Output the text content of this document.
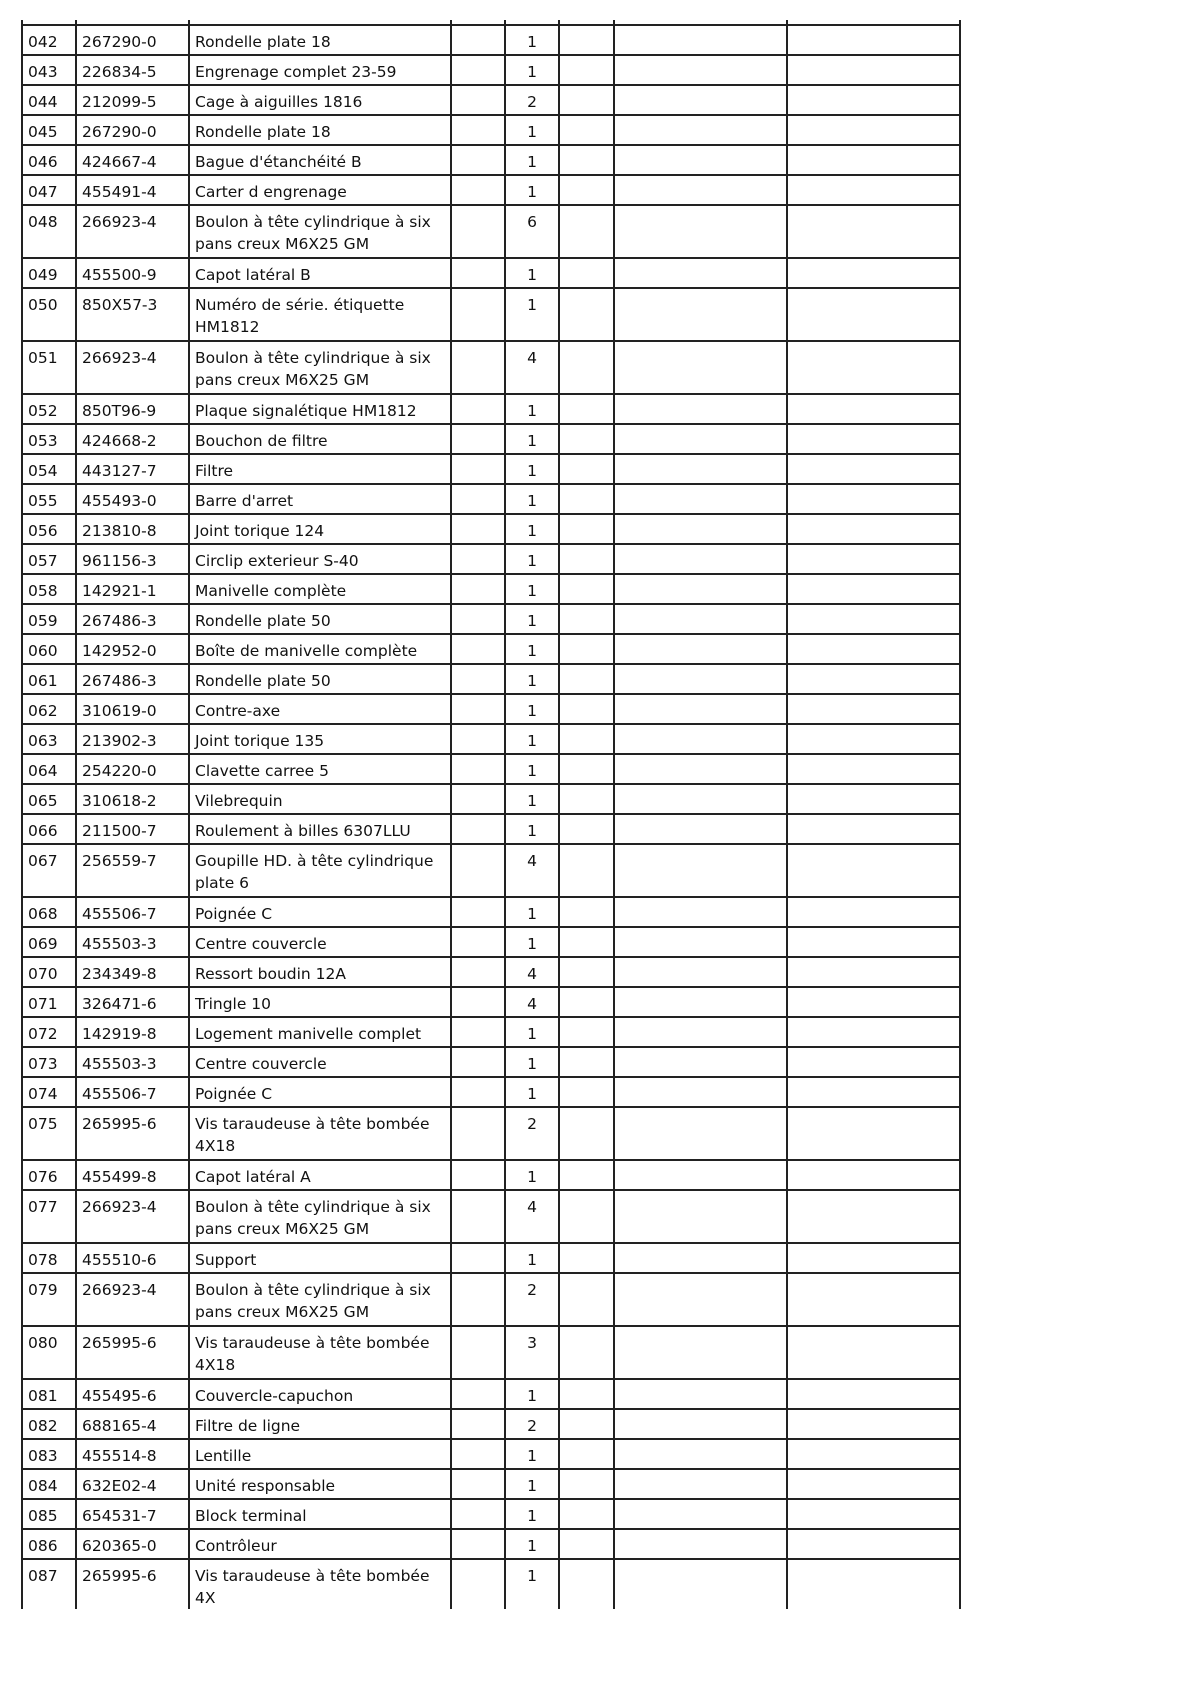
042	267290-0	Rondelle plate 18		1			
043	226834-5	Engrenage complet 23-59		1			
044	212099-5	Cage à aiguilles 1816		2			
045	267290-0	Rondelle plate 18		1			
046	424667-4	Bague d'étanchéité B		1			
047	455491-4	Carter d engrenage		1			
048	266923-4	Boulon à tête cylindrique à six pans creux M6X25 GM		6			
049	455500-9	Capot latéral B		1			
050	850X57-3	Numéro de série. étiquette HM1812		1			
051	266923-4	Boulon à tête cylindrique à six pans creux M6X25 GM		4			
052	850T96-9	Plaque signalétique HM1812		1			
053	424668-2	Bouchon de filtre		1			
054	443127-7	Filtre		1			
055	455493-0	Barre d'arret		1			
056	213810-8	Joint torique 124		1			
057	961156-3	Circlip exterieur S-40		1			
058	142921-1	Manivelle complète		1			
059	267486-3	Rondelle plate 50		1			
060	142952-0	Boîte de manivelle complète		1			
061	267486-3	Rondelle plate 50		1			
062	310619-0	Contre-axe		1			
063	213902-3	Joint torique 135		1			
064	254220-0	Clavette carree 5		1			
065	310618-2	Vilebrequin		1			
066	211500-7	Roulement à billes 6307LLU		1			
067	256559-7	Goupille HD. à tête cylindrique plate 6		4			
068	455506-7	Poignée C		1			
069	455503-3	Centre couvercle		1			
070	234349-8	Ressort boudin 12A		4			
071	326471-6	Tringle 10		4			
072	142919-8	Logement manivelle complet		1			
073	455503-3	Centre couvercle		1			
074	455506-7	Poignée C		1			
075	265995-6	Vis taraudeuse à tête bombée 4X18		2			
076	455499-8	Capot latéral A		1			
077	266923-4	Boulon à tête cylindrique à six pans creux M6X25 GM		4			
078	455510-6	Support		1			
079	266923-4	Boulon à tête cylindrique à six pans creux M6X25 GM		2			
080	265995-6	Vis taraudeuse à tête bombée 4X18		3			
081	455495-6	Couvercle-capuchon		1			
082	688165-4	Filtre de ligne		2			
083	455514-8	Lentille		1			
084	632E02-4	Unité responsable		1			
085	654531-7	Block terminal		1			
086	620365-0	Contrôleur		1			
087	265995-6	Vis taraudeuse à tête bombée 4X		1			
